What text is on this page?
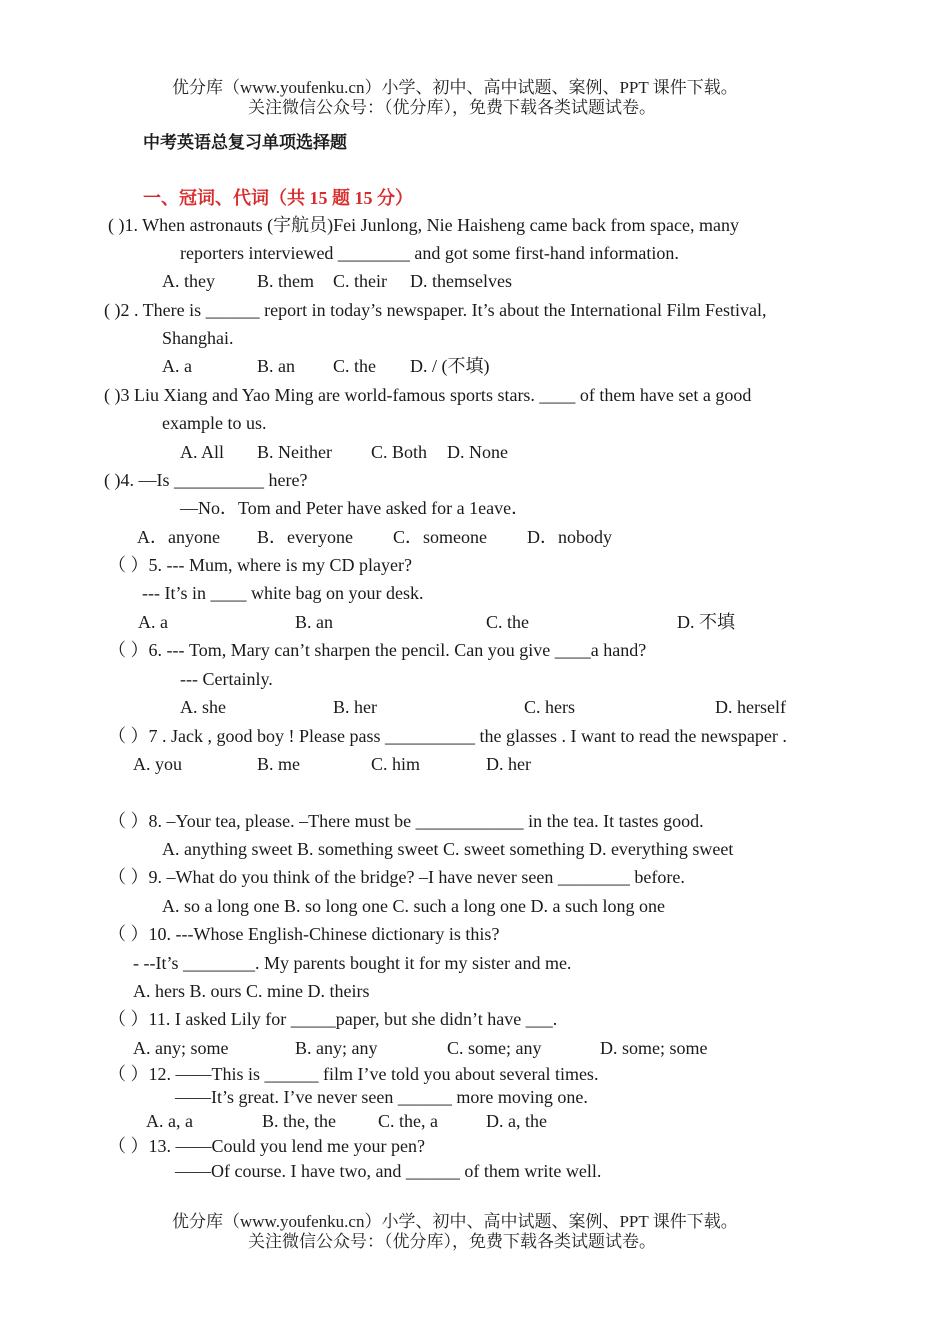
优分库（www.youfenku.cn）小学、初中、高中试题、案例、PPT 课件下载。
关注微信公众号：（优分库），免费下载各类试题试卷。
中考英语总复习单项选择题
一、冠词、代词（共 15 题 15 分）
( )1. When astronauts (宇航员)Fei Junlong, Nie Haisheng came back from space, many
reporters interviewed ________ and got some first-hand information.
A. they B. them C. their D. themselves
( )2 . There is ______ report in today’s newspaper. It’s about the International Film Festival,
Shanghai.
A. a	B. an C. the D. / (不填)
( )3 Liu Xiang and Yao Ming are world-famous sports stars. ____ of them have set a good
example to us.
A. All B. Neither C. Both D. None
( )4. —Is __________ here?
—No．Tom and Peter have asked for a 1eave．
A．anyone B．everyone C．someone D．nobody
（ ）5. --- Mum, where is my CD player?
--- It’s in ____ white bag on your desk.
A. a	B. an	C. the	D. 不填
（ ）6. --- Tom, Mary can’t sharpen the pencil. Can you give ____a hand?
--- Certainly.
A. she	B. her	C. hers	D. herself
（ ）7 . Jack , good boy ! Please pass __________ the glasses . I want to read the newspaper .
A. you	B. me	C. him	D. her
（ ）8. –Your tea, please. –There must be ____________ in the tea. It tastes good.
A. anything sweet B. something sweet C. sweet something D. everything sweet
（ ）9. –What do you think of the bridge? –I have never seen ________ before.
A. so a long one B. so long one C. such a long one D. a such long one
（ ）10. ---Whose English-Chinese dictionary is this?
- --It’s ________. My parents bought it for my sister and me.
A. hers B. ours C. mine D. theirs
（ ）11. I asked Lily for _____paper, but she didn’t have ___.
A. any; some	B. any; any	C. some; any	D. some; some
（ ）12. ——This is ______ film I’ve told you about several times.
——It’s great. I’ve never seen ______ more moving one.
A. a, a	B. the, the C. the, a	D. a, the
（ ）13. ——Could you lend me your pen?
——Of course. I have two, and ______ of them write well.
优分库（www.youfenku.cn）小学、初中、高中试题、案例、PPT 课件下载。
关注微信公众号：（优分库），免费下载各类试题试卷。
